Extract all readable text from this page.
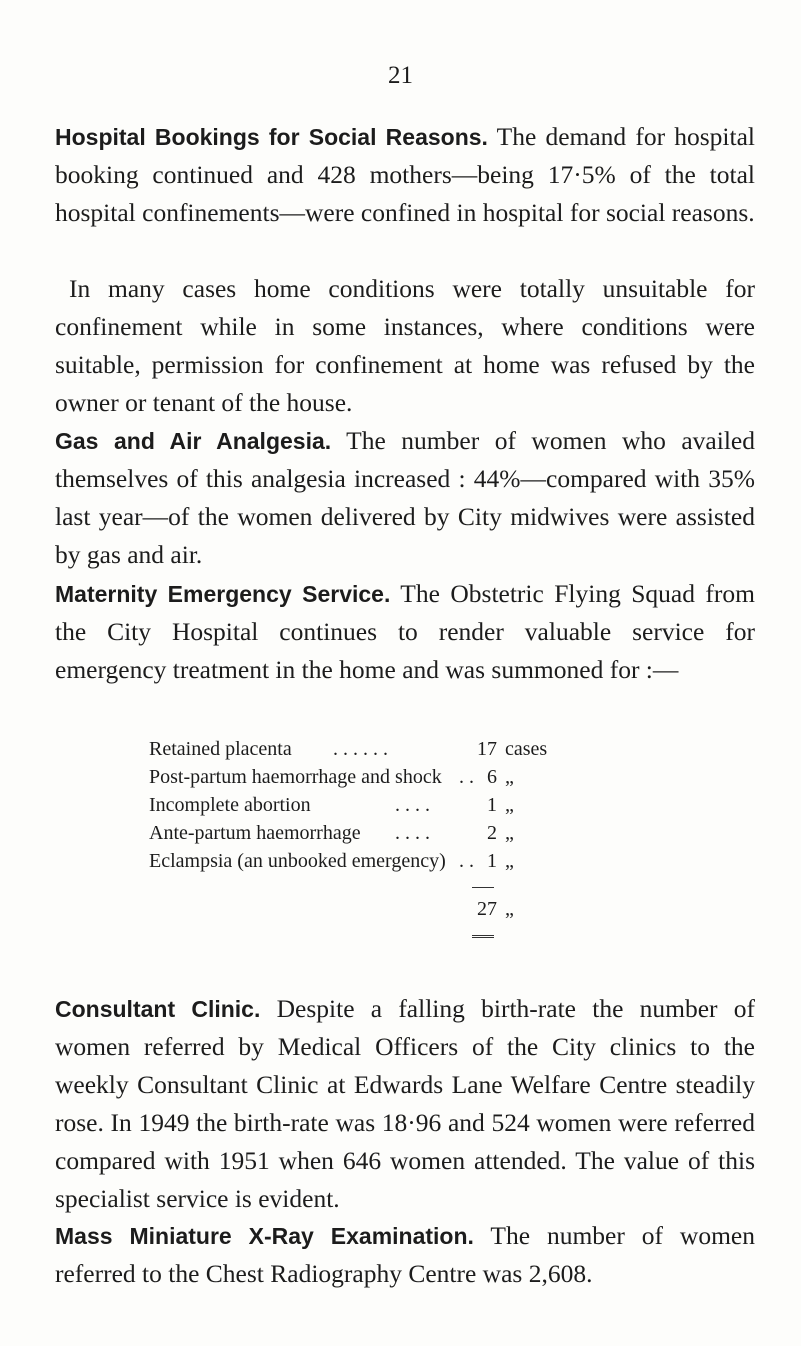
21

Hospital Bookings for Social Reasons. The demand for hospital booking continued and 428 mothers—being 17·5% of the total hospital confinements—were confined in hospital for social reasons.

In many cases home conditions were totally unsuitable for confinement while in some instances, where conditions were suitable, permission for confinement at home was refused by the owner or tenant of the house.

Gas and Air Analgesia. The number of women who availed themselves of this analgesia increased : 44%—compared with 35% last year—of the women delivered by City midwives were assisted by gas and air.

Maternity Emergency Service. The Obstetric Flying Squad from the City Hospital continues to render valuable service for emergency treatment in the home and was summoned for :—

Retained placenta . . . . . .	17 cases
Post-partum haemorrhage and shock . . 6 „
Incomplete abortion	. . . .	1 „
Ante-partum haemorrhage . . . .	2 „
Eclampsia (an unbooked emergency) . . 1 „
27 „

Consultant Clinic. Despite a falling birth-rate the number of women referred by Medical Officers of the City clinics to the weekly Consultant Clinic at Edwards Lane Welfare Centre steadily rose. In 1949 the birth-rate was 18·96 and 524 women were referred compared with 1951 when 646 women attended. The value of this specialist service is evident.

Mass Miniature X-Ray Examination. The number of women referred to the Chest Radiography Centre was 2,608.
